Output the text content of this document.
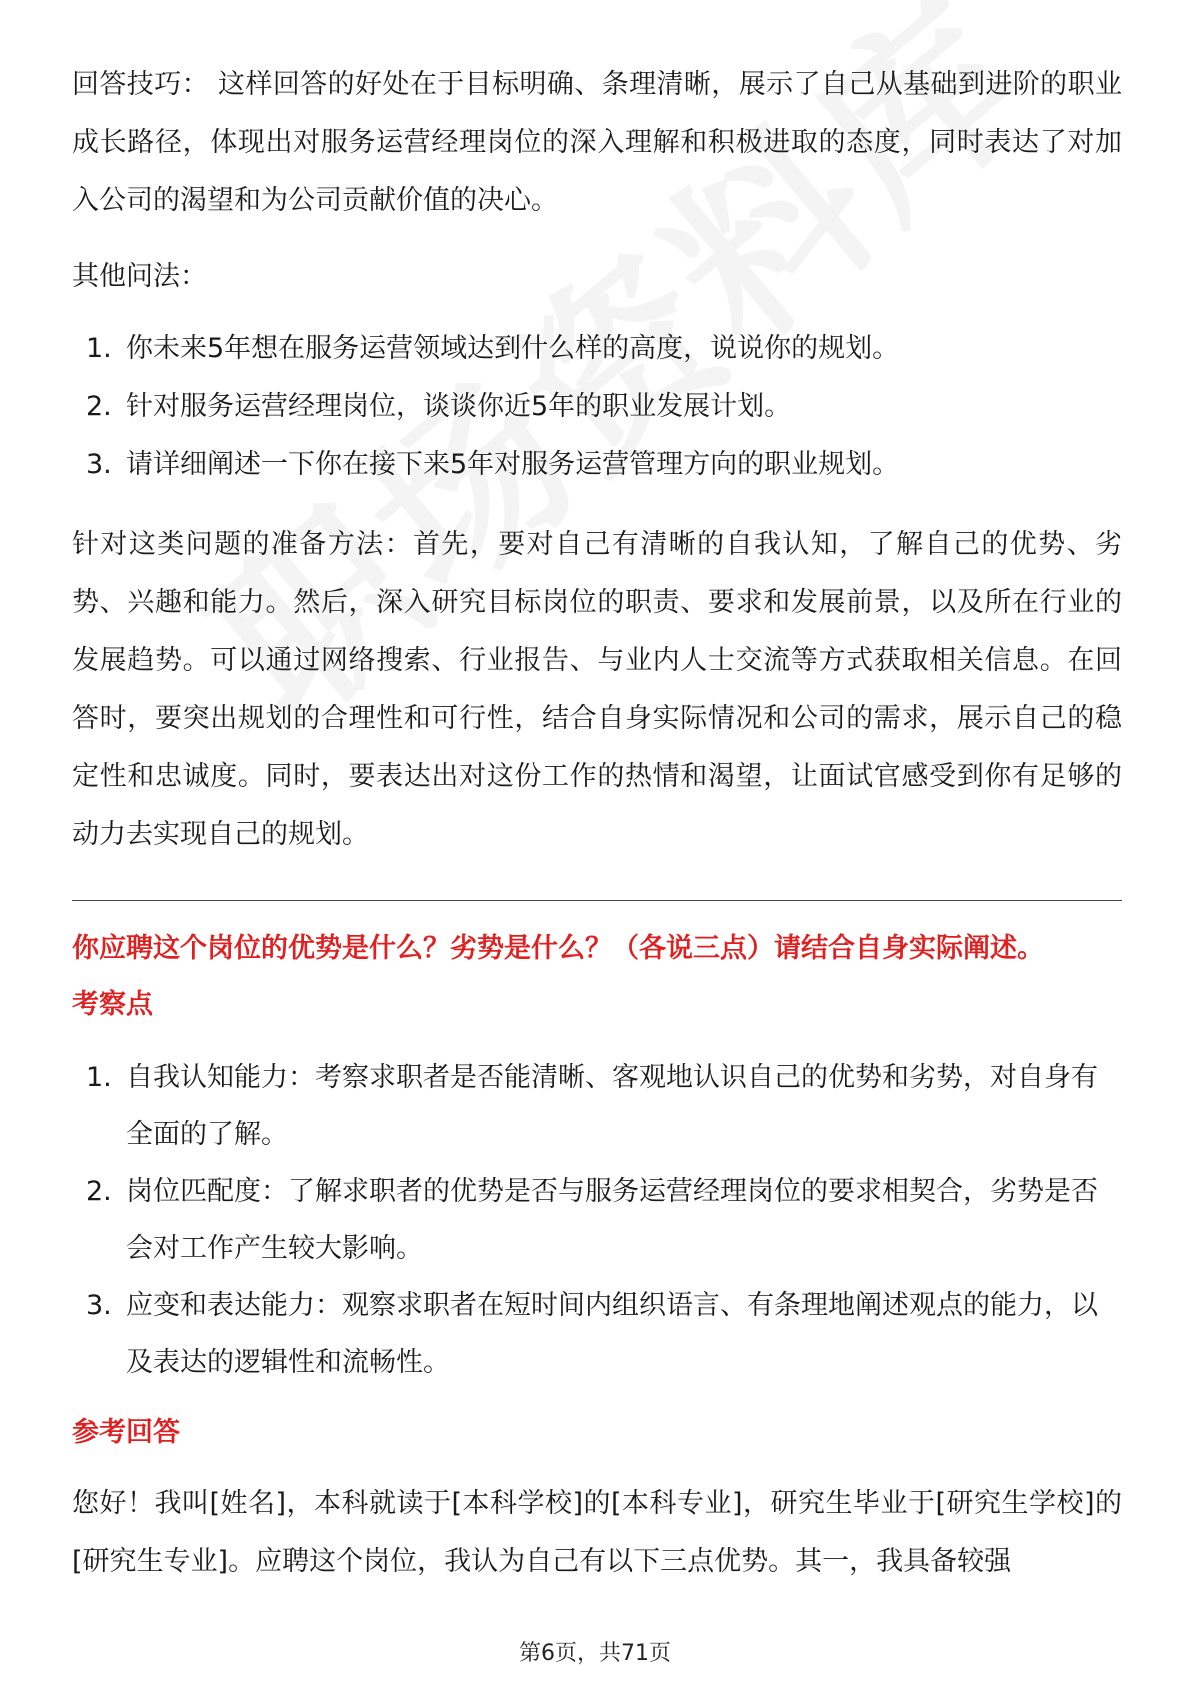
回答技巧： 这样回答的好处在于目标明确、条理清晰，展示了自己从基础到进阶的职业成长路径，体现出对服务运营经理岗位的深入理解和积极进取的态度，同时表达了对加入公司的渴望和为公司贡献价值的决心。

其他问法：

1. 你未来5年想在服务运营领域达到什么样的高度，说说你的规划。
2. 针对服务运营经理岗位，谈谈你近5年的职业发展计划。
3. 请详细阐述一下你在接下来5年对服务运营管理方向的职业规划。

针对这类问题的准备方法：首先，要对自己有清晰的自我认知，了解自己的优势、劣势、兴趣和能力。然后，深入研究目标岗位的职责、要求和发展前景，以及所在行业的发展趋势。可以通过网络搜索、行业报告、与业内人士交流等方式获取相关信息。在回答时，要突出规划的合理性和可行性，结合自身实际情况和公司的需求，展示自己的稳定性和忠诚度。同时，要表达出对这份工作的热情和渴望，让面试官感受到你有足够的动力去实现自己的规划。

你应聘这个岗位的优势是什么？劣势是什么？（各说三点）请结合自身实际阐述。
考察点
1. 自我认知能力：考察求职者是否能清晰、客观地认识自己的优势和劣势，对自身有全面的了解。
2. 岗位匹配度：了解求职者的优势是否与服务运营经理岗位的要求相契合，劣势是否会对工作产生较大影响。
3. 应变和表达能力：观察求职者在短时间内组织语言、有条理地阐述观点的能力，以及表达的逻辑性和流畅性。
参考回答

您好！我叫[姓名]，本科就读于[本科学校]的[本科专业]，研究生毕业于[研究生学校]的[研究生专业]。应聘这个岗位，我认为自己有以下三点优势。其一，我具备较强

第6页，共71页
